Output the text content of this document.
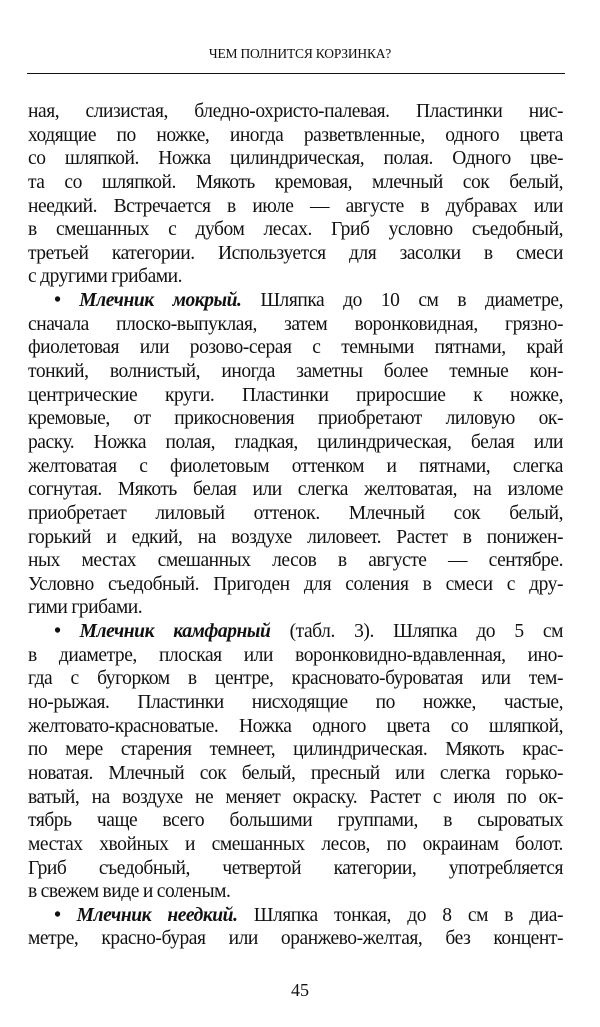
ЧЕМ ПОЛНИТСЯ КОРЗИНКА?
ная, слизистая, бледно-охристо-палевая. Пластинки нис-
ходящие по ножке, иногда разветвленные, одного цвета
со шляпкой. Ножка цилиндрическая, полая. Одного цве-
та со шляпкой. Мякоть кремовая, млечный сок белый,
неедкий. Встречается в июле — августе в дубравах или
в смешанных с дубом лесах. Гриб условно съедобный,
третьей категории. Используется для засолки в смеси
с другими грибами.
• Млечник мокрый. Шляпка до 10 см в диаметре,
сначала плоско-выпуклая, затем воронковидная, грязно-
фиолетовая или розово-серая с темными пятнами, край
тонкий, волнистый, иногда заметны более темные кон-
центрические круги. Пластинки приросшие к ножке,
кремовые, от прикосновения приобретают лиловую ок-
раску. Ножка полая, гладкая, цилиндрическая, белая или
желтоватая с фиолетовым оттенком и пятнами, слегка
согнутая. Мякоть белая или слегка желтоватая, на изломе
приобретает лиловый оттенок. Млечный сок белый,
горький и едкий, на воздухе лиловеет. Растет в понижен-
ных местах смешанных лесов в августе — сентябре.
Условно съедобный. Пригоден для соления в смеси с дру-
гими грибами.
• Млечник камфарный (табл. 3). Шляпка до 5 см
в диаметре, плоская или воронковидно-вдавленная, ино-
гда с бугорком в центре, красновато-буроватая или тем-
но-рыжая. Пластинки нисходящие по ножке, частые,
желтовато-красноватые. Ножка одного цвета со шляпкой,
по мере старения темнеет, цилиндрическая. Мякоть крас-
новатая. Млечный сок белый, пресный или слегка горько-
ватый, на воздухе не меняет окраску. Растет с июля по ок-
тябрь чаще всего большими группами, в сыроватых
местах хвойных и смешанных лесов, по окраинам болот.
Гриб съедобный, четвертой категории, употребляется
в свежем виде и соленым.
• Млечник неедкий. Шляпка тонкая, до 8 см в диа-
метре, красно-бурая или оранжево-желтая, без концент-
45
